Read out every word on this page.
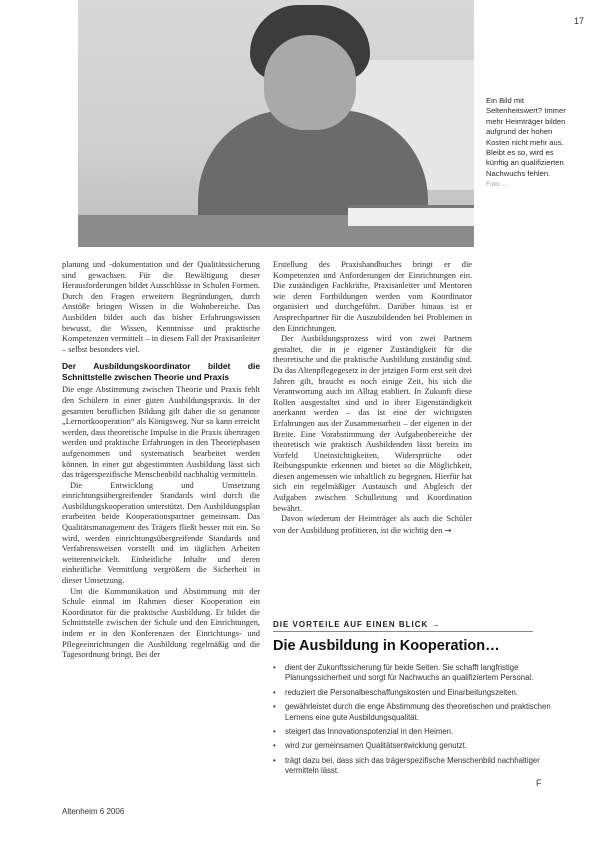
17
Ein Bild mit Seltenheitswert? Immer mehr Heimträger bilden aufgrund der hohen Kosten nicht mehr aus. Bleibt es so, wird es künftig an qualifizierten Nachwuchs fehlen.
Foto: ...

planung und -dokumentation und der Qualitätssicherung sind gewachsen. Für die Bewältigung dieser Herausforderungen bildet Ausschlüsse in Schulen Formen. Durch den Fragen erweitern Begründungen, durch Anstöße bringen Wissen in die Wohnbereiche. Das Ausbilden bildet auch das bisher Erfahrungswissen bewusst, die Wissen, Kenntnisse und praktische Kompetenzen vermittelt – in diesem Fall der Praxisanleiter – selbst besonders viel.

Der Ausbildungskoordinator bildet die Schnittstelle zwischen Theorie und Praxis

Die enge Abstimmung zwischen Theorie und Praxis fehlt den Schülern in einer guten Ausbildungspraxis. In der gesamten beruflichen Bildung gilt daher die so genannte „Lernortkooperation“ als Königsweg. Nur so kann erreicht werden, dass theoretische Impulse in die Praxis übertragen werden und praktische Erfahrungen in den Theoriephasen aufgenommen und systematisch bearbeitet werden können. In einer gut abgestimmten Ausbildung lässt sich das trägerspezifische Menschenbild nachhaltig vermitteln.

Die Entwicklung und Umsetzung einrichtungsübergreifender Standards wird durch die Ausbildungskooperation unterstützt. Den Ausbildungsplan erarbeiten beide Kooperationspartner gemeinsam. Das Qualitätsmanagement des Trägers fließt besser mit ein. So wird, werden einrichtungsübergreifende Standards und Verfahrensweisen vorstellt und im täglichen Arbeiten weiterentwickelt. Einheitliche Inhalte und deren einheitliche Vermittlung vergrößern die Sicherheit in dieser Umsetzung.

Um die Kommunikation und Abstimmung mit der Schule einmal im Rahmen dieser Kooperation ein Koordinator für die praktische Ausbildung. Er bildet die Schnittstelle zwischen der Schule und den Einrichtungen, indem er in den Konferenzen der Einrichtungs- und Pflegeeinrichtungen die Ausbildung regelmäßig und die Tagesordnung bringt. Bei der

Erstellung des Praxishandbuches bringt er die Kompetenzen und Anforderungen der Einrichtungen ein. Die zuständigen Fachkräfte, Praxisanleiter und Mentoren wie deren Fortbildungen werden vom Koordinator organisiert und durchgeführt. Darüber hinaus ist er Ansprechpartner für die Auszubildenden bei Problemen in den Einrichtungen.

Der Ausbildungsprozess wird von zwei Partnern gestaltet, die in je eigener Zuständigkeit für die theoretische und die praktische Ausbildung zuständig sind. Da das Altenpflegegesetz in der jetzigen Form erst seit drei Jahren gilt, braucht es noch einige Zeit, bis sich die Verantwortung auch im Alltag etabliert. In Zukunft diese Rollen ausgestaltet sind und in ihrer Eigenständigkeit anerkannt werden – das ist eine der wichtigsten Erfahrungen aus der Zusammenarbeit – der eigenen in der Breite. Eine Vorabstimmung der Aufgabenbereiche der theoretisch wie praktisch Ausbildenden lässt bereits im Vorfeld Uneinsichtigkeiten, Widersprüche oder Reibungspunkte erkennen und bietet so die Möglichkeit, diesen angemessen wie inhaltlich zu begegnen. Hierfür hat sich ein regelmäßiger Austausch und Abgleich der Aufgaben zwischen Schulleitung und Koordination bewährt.

Davon wiederum der Heimträger als auch die Schüler von der Ausbildung profitieren, ist die wichtig den →

DIE VORTEILE AUF EINEN BLICK →
Die Ausbildung in Kooperation…
• dient der Zukunftssicherung für beide Seiten. Sie schafft langfristige Planungssicherheit und sorgt für Nachwuchs an qualifiziertem Personal.
• reduziert die Personalbeschaffungskosten und Einarbeitungszeiten.
• gewährleistet durch die enge Abstimmung des theoretischen und praktischen Lernens eine gute Ausbildungsqualität.
• steigert das Innovationspotenzial in den Heimen.
• wird zur gemeinsamen Qualitätsentwicklung genutzt.
• trägt dazu bei, dass sich das trägerspezifische Menschenbild nachhaltiger vermitteln lässt.
Altenheim 6 2006
F
